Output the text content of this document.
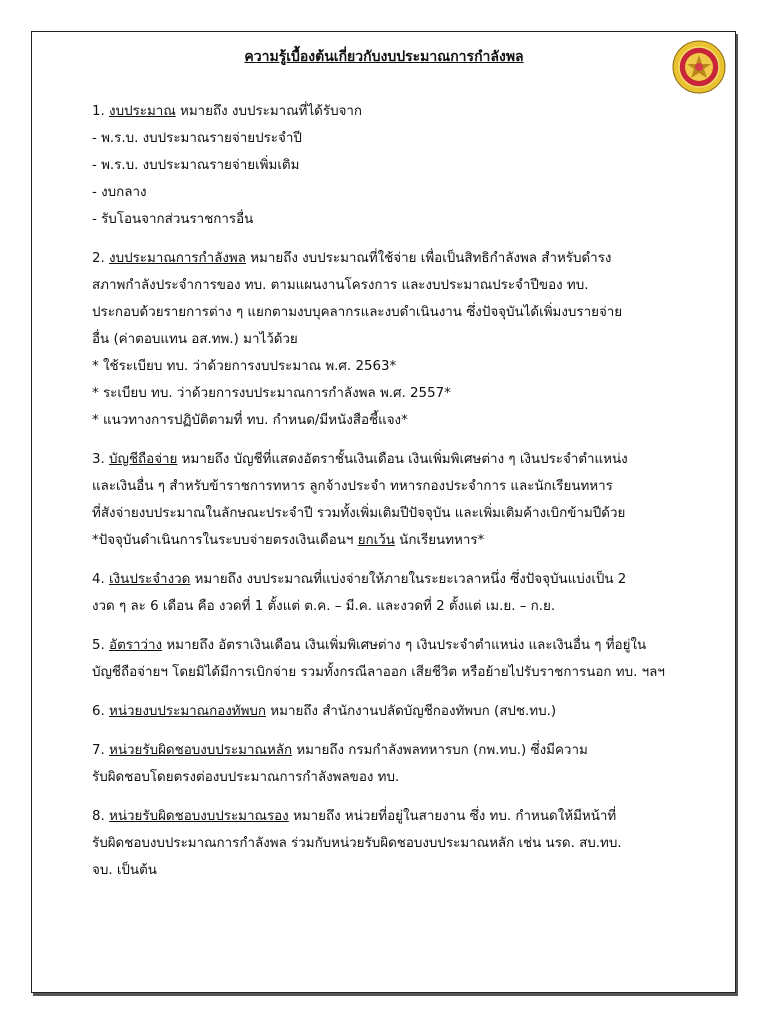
ความรู้เบื้องต้นเกี่ยวกับงบประมาณการกำลังพล

1. งบประมาณ หมายถึง งบประมาณที่ได้รับจาก

- พ.ร.บ. งบประมาณรายจ่ายประจำปี

- พ.ร.บ. งบประมาณรายจ่ายเพิ่มเติม

- งบกลาง

- รับโอนจากส่วนราชการอื่น

2. งบประมาณการกำลังพล หมายถึง งบประมาณที่ใช้จ่าย เพื่อเป็นสิทธิกำลังพล สำหรับดำรง

สภาพกำลังประจำการของ ทบ. ตามแผนงานโครงการ และงบประมาณประจำปีของ ทบ.

ประกอบด้วยรายการต่าง ๆ แยกตามงบบุคลากรและงบดำเนินงาน ซึ่งปัจจุบันได้เพิ่มงบรายจ่าย

อื่น (ค่าตอบแทน อส.ทพ.) มาไว้ด้วย

* ใช้ระเบียบ ทบ. ว่าด้วยการงบประมาณ พ.ศ. 2563*

* ระเบียบ ทบ. ว่าด้วยการงบประมาณการกำลังพล พ.ศ. 2557*

* แนวทางการปฏิบัติตามที่ ทบ. กำหนด/มีหนังสือชี้แจง*

3. บัญชีถือจ่าย หมายถึง บัญชีที่แสดงอัตราชั้นเงินเดือน เงินเพิ่มพิเศษต่าง ๆ เงินประจำตำแหน่ง

และเงินอื่น ๆ สำหรับข้าราชการทหาร ลูกจ้างประจำ ทหารกองประจำการ และนักเรียนทหาร

ที่สังจ่ายงบประมาณในลักษณะประจำปี รวมทั้งเพิ่มเติมปีปัจจุบัน และเพิ่มเติมค้างเบิกข้ามปีด้วย

*ปัจจุบันดำเนินการในระบบจ่ายตรงเงินเดือนฯ ยกเว้น นักเรียนทหาร*

4. เงินประจำงวด หมายถึง งบประมาณที่แบ่งจ่ายให้ภายในระยะเวลาหนึ่ง ซึ่งปัจจุบันแบ่งเป็น 2

งวด ๆ ละ 6 เดือน คือ งวดที่ 1 ตั้งแต่ ต.ค. – มี.ค. และงวดที่ 2 ตั้งแต่ เม.ย. – ก.ย.

5. อัตราว่าง หมายถึง อัตราเงินเดือน เงินเพิ่มพิเศษต่าง ๆ เงินประจำตำแหน่ง และเงินอื่น ๆ ที่อยู่ใน

บัญชีถือจ่ายฯ โดยมิได้มีการเบิกจ่าย รวมทั้งกรณีลาออก เสียชีวิต หรือย้ายไปรับราชการนอก ทบ. ฯลฯ

6. หน่วยงบประมาณกองทัพบก หมายถึง สำนักงานปลัดบัญชีกองทัพบก (สปช.ทบ.)

7. หน่วยรับผิดชอบงบประมาณหลัก หมายถึง กรมกำลังพลทหารบก (กพ.ทบ.) ซึ่งมีความ

รับผิดชอบโดยตรงต่องบประมาณการกำลังพลของ ทบ.

8. หน่วยรับผิดชอบงบประมาณรอง หมายถึง หน่วยที่อยู่ในสายงาน ซึ่ง ทบ. กำหนดให้มีหน้าที่

รับผิดชอบงบประมาณการกำลังพล ร่วมกับหน่วยรับผิดชอบงบประมาณหลัก เช่น นรด. สบ.ทบ.

จบ. เป็นต้น
